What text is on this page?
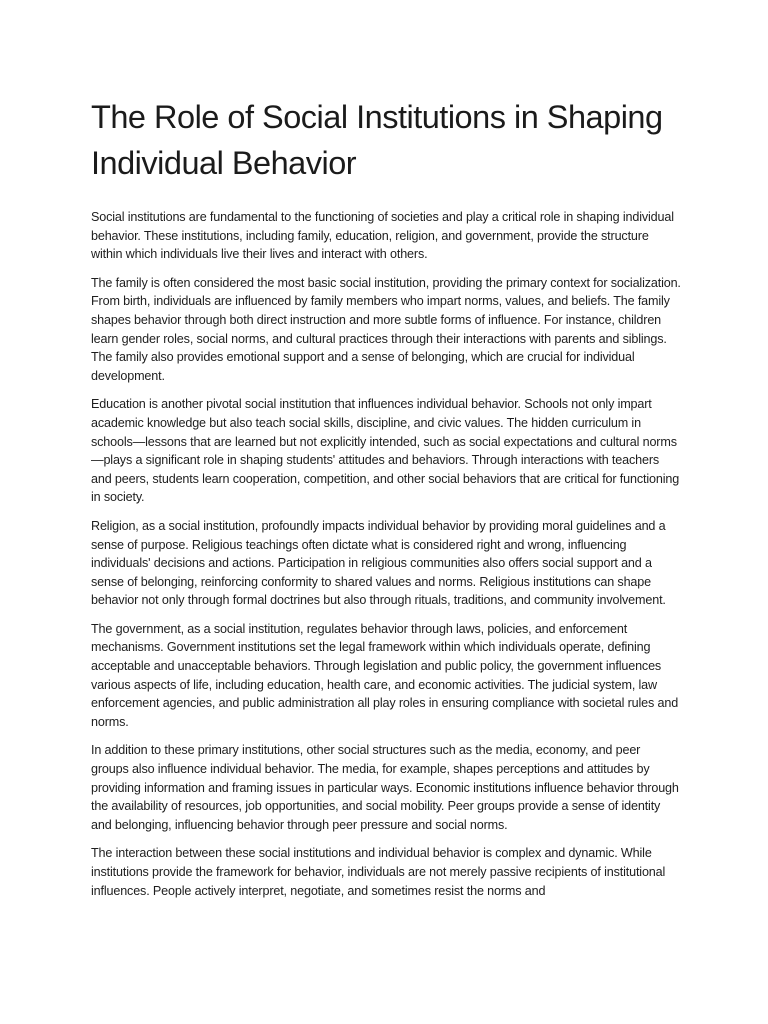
The Role of Social Institutions in Shaping Individual Behavior

Social institutions are fundamental to the functioning of societies and play a critical role in shaping individual behavior. These institutions, including family, education, religion, and government, provide the structure within which individuals live their lives and interact with others.

The family is often considered the most basic social institution, providing the primary context for socialization. From birth, individuals are influenced by family members who impart norms, values, and beliefs. The family shapes behavior through both direct instruction and more subtle forms of influence. For instance, children learn gender roles, social norms, and cultural practices through their interactions with parents and siblings. The family also provides emotional support and a sense of belonging, which are crucial for individual development.

Education is another pivotal social institution that influences individual behavior. Schools not only impart academic knowledge but also teach social skills, discipline, and civic values. The hidden curriculum in schools—lessons that are learned but not explicitly intended, such as social expectations and cultural norms—plays a significant role in shaping students' attitudes and behaviors. Through interactions with teachers and peers, students learn cooperation, competition, and other social behaviors that are critical for functioning in society.

Religion, as a social institution, profoundly impacts individual behavior by providing moral guidelines and a sense of purpose. Religious teachings often dictate what is considered right and wrong, influencing individuals' decisions and actions. Participation in religious communities also offers social support and a sense of belonging, reinforcing conformity to shared values and norms. Religious institutions can shape behavior not only through formal doctrines but also through rituals, traditions, and community involvement.

The government, as a social institution, regulates behavior through laws, policies, and enforcement mechanisms. Government institutions set the legal framework within which individuals operate, defining acceptable and unacceptable behaviors. Through legislation and public policy, the government influences various aspects of life, including education, health care, and economic activities. The judicial system, law enforcement agencies, and public administration all play roles in ensuring compliance with societal rules and norms.

In addition to these primary institutions, other social structures such as the media, economy, and peer groups also influence individual behavior. The media, for example, shapes perceptions and attitudes by providing information and framing issues in particular ways. Economic institutions influence behavior through the availability of resources, job opportunities, and social mobility. Peer groups provide a sense of identity and belonging, influencing behavior through peer pressure and social norms.

The interaction between these social institutions and individual behavior is complex and dynamic. While institutions provide the framework for behavior, individuals are not merely passive recipients of institutional influences. People actively interpret, negotiate, and sometimes resist the norms and
